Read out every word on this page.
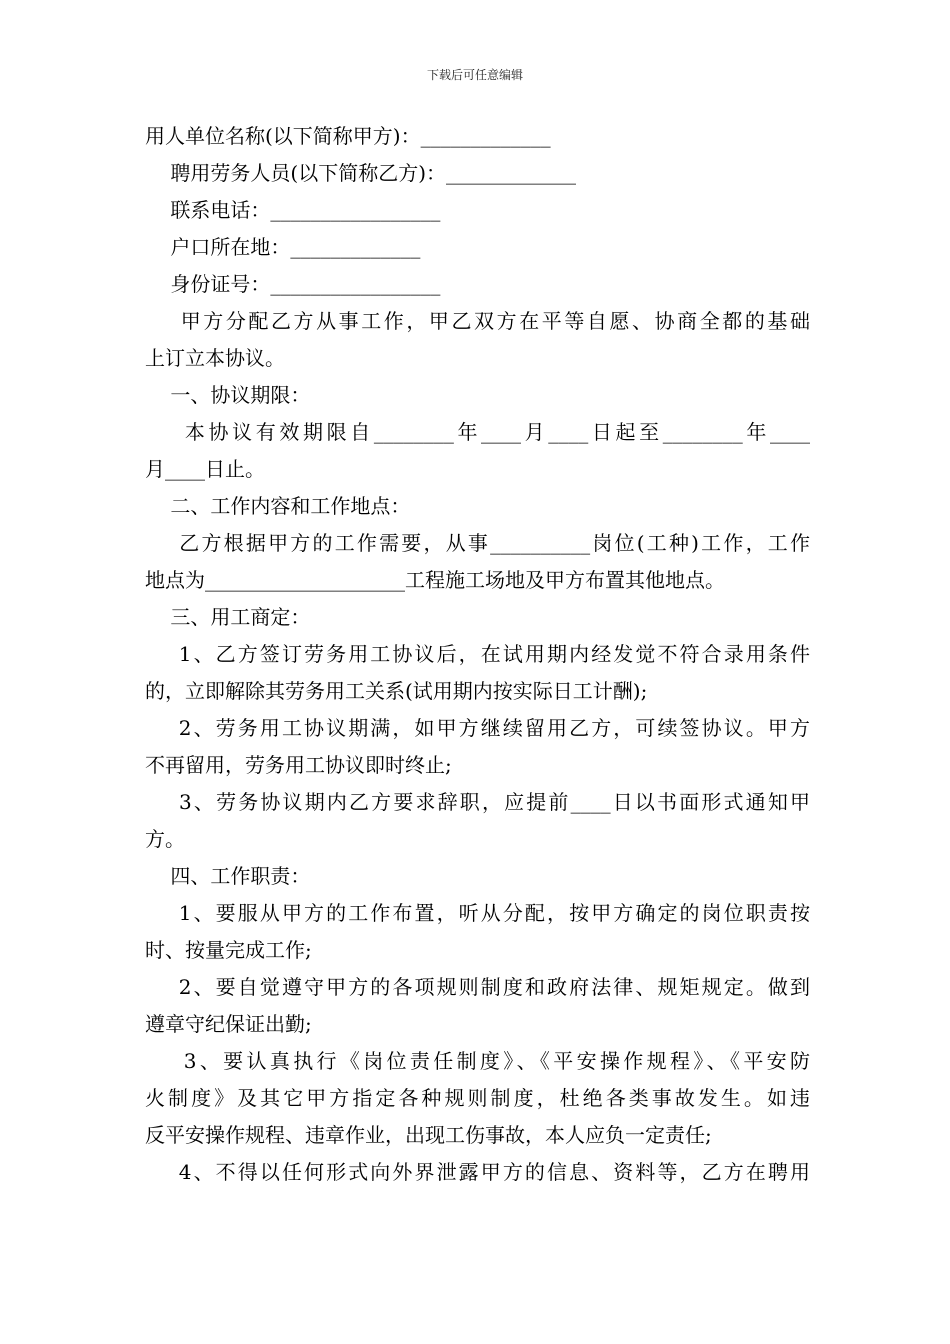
下载后可任意编辑
用人单位名称(以下简称甲方)：_____________
聘用劳务人员(以下简称乙方)：_____________
联系电话：_________________
户口所在地：_____________
身份证号：_________________
甲方分配乙方从事工作，甲乙双方在平等自愿、协商全都的基础
上订立本协议。
一、协议期限：
本协议有效期限自________年____月____日起至________年____
月____日止。
二、工作内容和工作地点：
乙方根据甲方的工作需要，从事__________岗位(工种)工作，工作
地点为____________________工程施工场地及甲方布置其他地点。
三、用工商定：
1、乙方签订劳务用工协议后，在试用期内经发觉不符合录用条件
的，立即解除其劳务用工关系(试用期内按实际日工计酬);
2、劳务用工协议期满，如甲方继续留用乙方，可续签协议。甲方
不再留用，劳务用工协议即时终止;
3、劳务协议期内乙方要求辞职，应提前____日以书面形式通知甲
方。
四、工作职责：
1、要服从甲方的工作布置，听从分配，按甲方确定的岗位职责按
时、按量完成工作;
2、要自觉遵守甲方的各项规则制度和政府法律、规矩规定。做到
遵章守纪保证出勤;
3、要认真执行《岗位责任制度》、《平安操作规程》、《平安防
火制度》及其它甲方指定各种规则制度，杜绝各类事故发生。如违
反平安操作规程、违章作业，出现工伤事故，本人应负一定责任;
4、不得以任何形式向外界泄露甲方的信息、资料等，乙方在聘用
